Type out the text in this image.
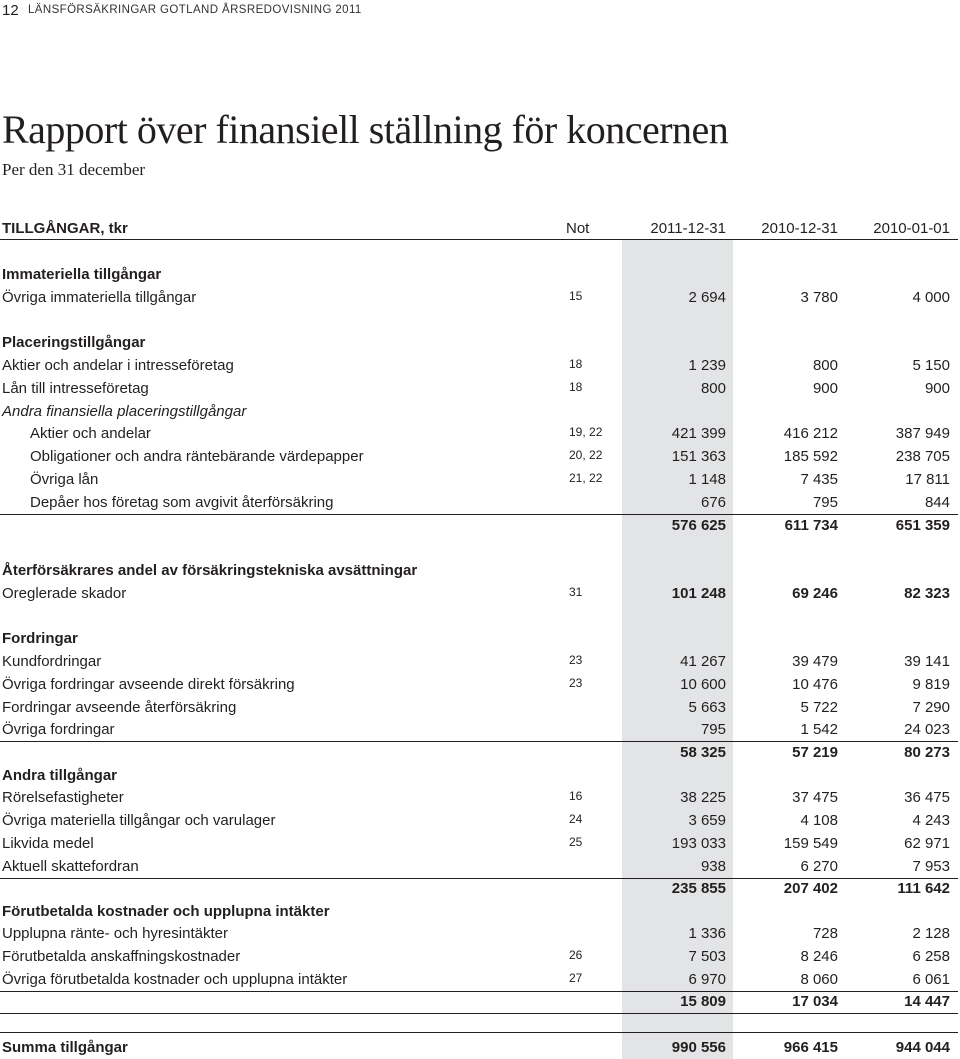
12 LÄNSFÖRSÄKRINGAR GOTLAND ÅRSREDOVISNING 2011
Rapport över finansiell ställning för koncernen
Per den 31 december
TILLGÅNGAR, tkr	Not	2011-12-31 2010-12-31 2010-01-01
Immateriella tillgångar
Övriga immateriella tillgångar	15	2 694	3 780	4 000
Placeringstillgångar
Aktier och andelar i intresseföretag	18	1 239	800	5 150
Lån till intresseföretag	18	800	900	900
Andra finansiella placeringstillgångar
Aktier och andelar	19, 22	421 399	416 212	387 949
Obligationer och andra räntebärande värdepapper	20, 22	151 363	185 592	238 705
Övriga lån	21, 22	1 148	7 435	17 811
Depåer hos företag som avgivit återförsäkring	676	795	844
576 625	611 734	651 359
Återförsäkrares andel av försäkringstekniska avsättningar
Oreglerade skador	31	101 248	69 246	82 323
Fordringar
Kundfordringar	23	41 267	39 479	39 141
Övriga fordringar avseende direkt försäkring	23	10 600	10 476	9 819
Fordringar avseende återförsäkring	5 663	5 722	7 290
Övriga fordringar	795	1 542	24 023
58 325	57 219	80 273
Andra tillgångar
Rörelsefastigheter	16	38 225	37 475	36 475
Övriga materiella tillgångar och varulager	24	3 659	4 108	4 243
Likvida medel	25	193 033	159 549	62 971
Aktuell skattefordran	938	6 270	7 953
235 855	207 402	111 642
Förutbetalda kostnader och upplupna intäkter
Upplupna ränte- och hyresintäkter	1 336	728	2 128
Förutbetalda anskaffningskostnader	26	7 503	8 246	6 258
Övriga förutbetalda kostnader och upplupna intäkter	27	6 970	8 060	6 061
15 809	17 034	14 447
Summa tillgångar	990 556	966 415	944 044
